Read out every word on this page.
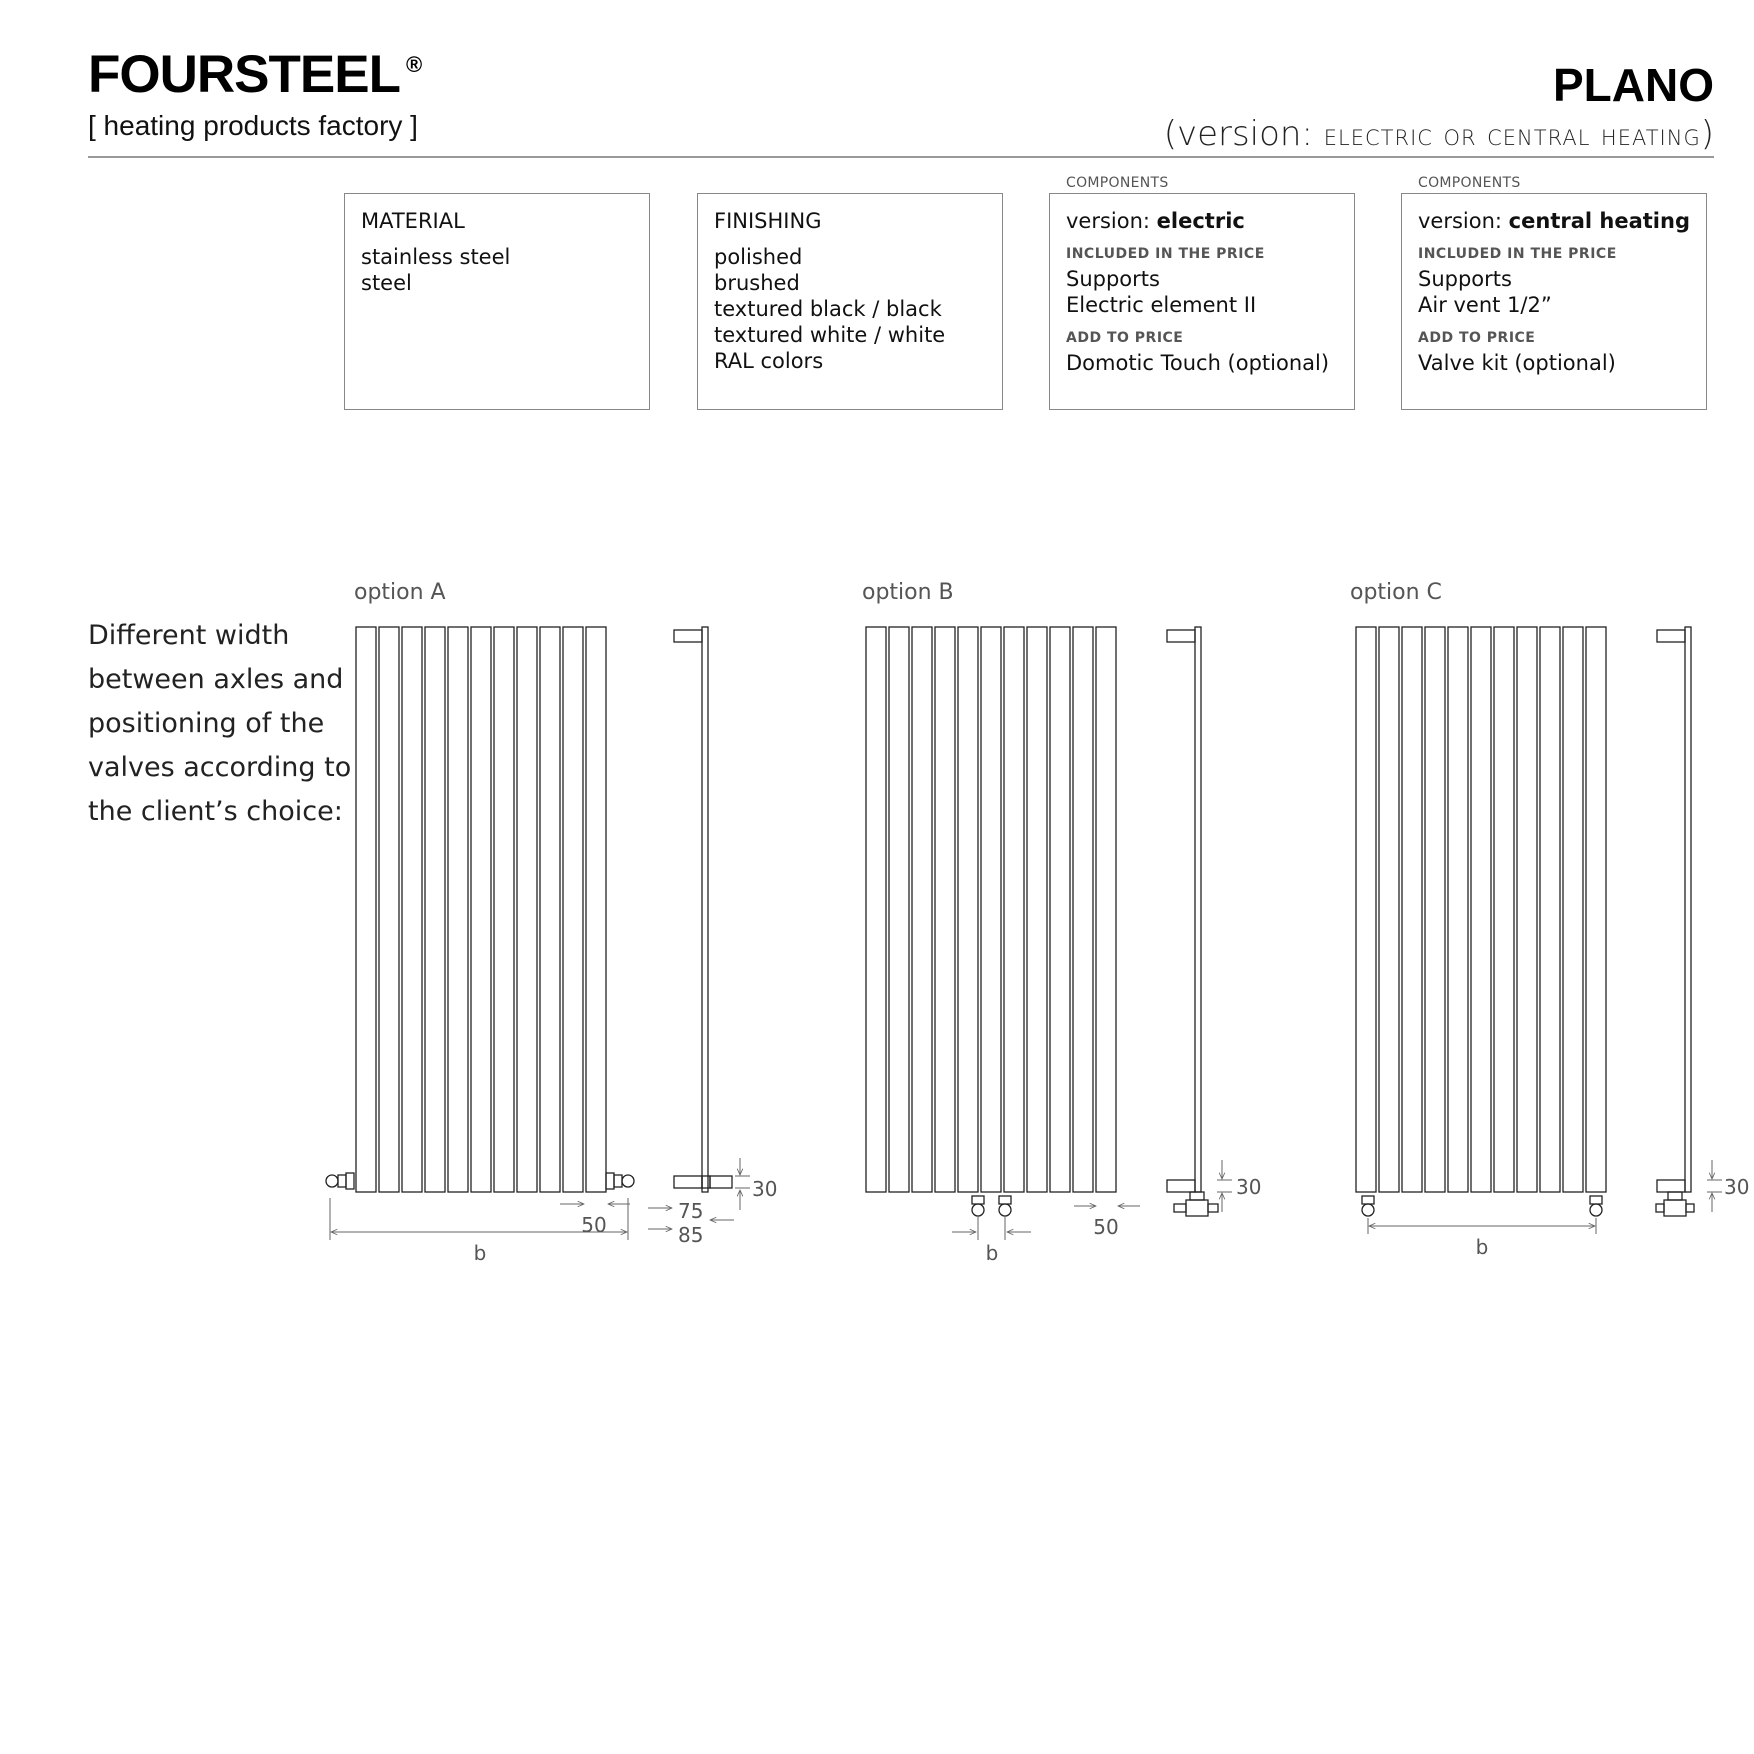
FOURSTEEL ®
[ heating products factory ]
PLANO
(version: electric or central heating)
MATERIAL
stainless steel
steel
FINISHING
polished
brushed
textured black / black
textured white / white
RAL colors
COMPONENTS
version: electric
INCLUDED IN THE PRICE
Supports
Electric element II
ADD TO PRICE
Domotic Touch (optional)
COMPONENTS
version: central heating
INCLUDED IN THE PRICE
Supports
Air vent 1/2”
ADD TO PRICE
Valve kit (optional)
Different width
between axles and
positioning of the
valves according to
the client’s choice:
option A	option B	option C
50
b
30
75
85
b
50
30
b
30
